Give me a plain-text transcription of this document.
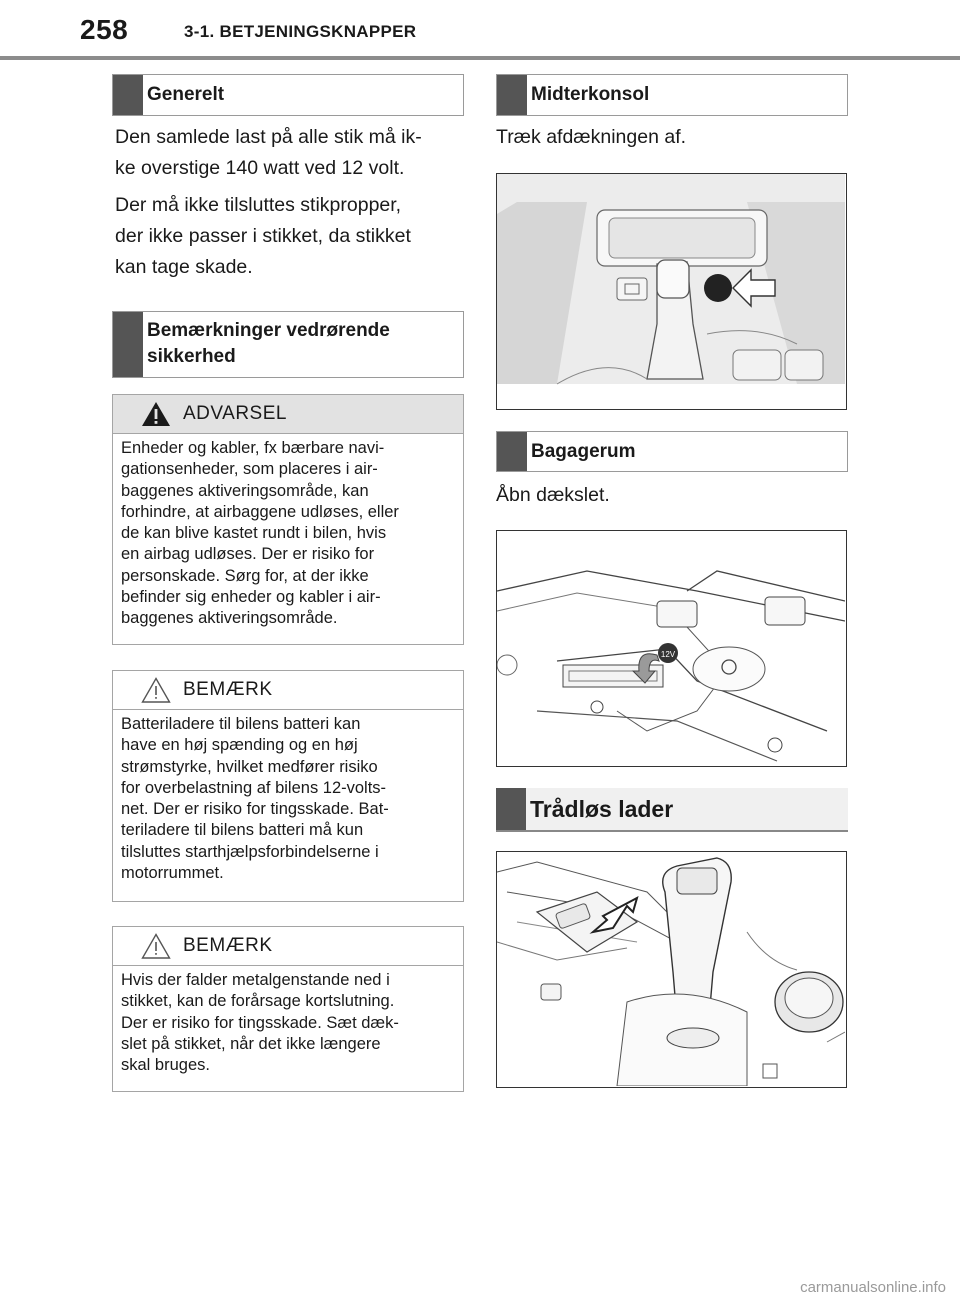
258	3-1. BETJENINGSKNAPPER
Generelt
Den samlede last på alle stik må ik-
ke overstige 140 watt ved 12 volt.
Der må ikke tilsluttes stikpropper,
der ikke passer i stikket, da stikket
kan tage skade.
Bemærkninger vedrørende
sikkerhed
ADVARSEL
Enheder og kabler, fx bærbare navi-
gationsenheder, som placeres i air-
baggenes aktiveringsområde, kan
forhindre, at airbaggene udløses, eller
de kan blive kastet rundt i bilen, hvis
en airbag udløses. Der er risiko for
personskade. Sørg for, at der ikke
befinder sig enheder og kabler i air-
baggenes aktiveringsområde.
BEMÆRK
Batteriladere til bilens batteri kan
have en høj spænding og en høj
strømstyrke, hvilket medfører risiko
for overbelastning af bilens 12-volts-
net. Der er risiko for tingsskade. Bat-
teriladere til bilens batteri må kun
tilsluttes starthjælpsforbindelserne i
motorrummet.
BEMÆRK
Hvis der falder metalgenstande ned i
stikket, kan de forårsage kortslutning.
Der er risiko for tingsskade. Sæt dæk-
slet på stikket, når det ikke længere
skal bruges.
Midterkonsol
Træk afdækningen af.
Bagagerum
Åbn dækslet.
12V
Trådløs lader
carmanualsonline.info
